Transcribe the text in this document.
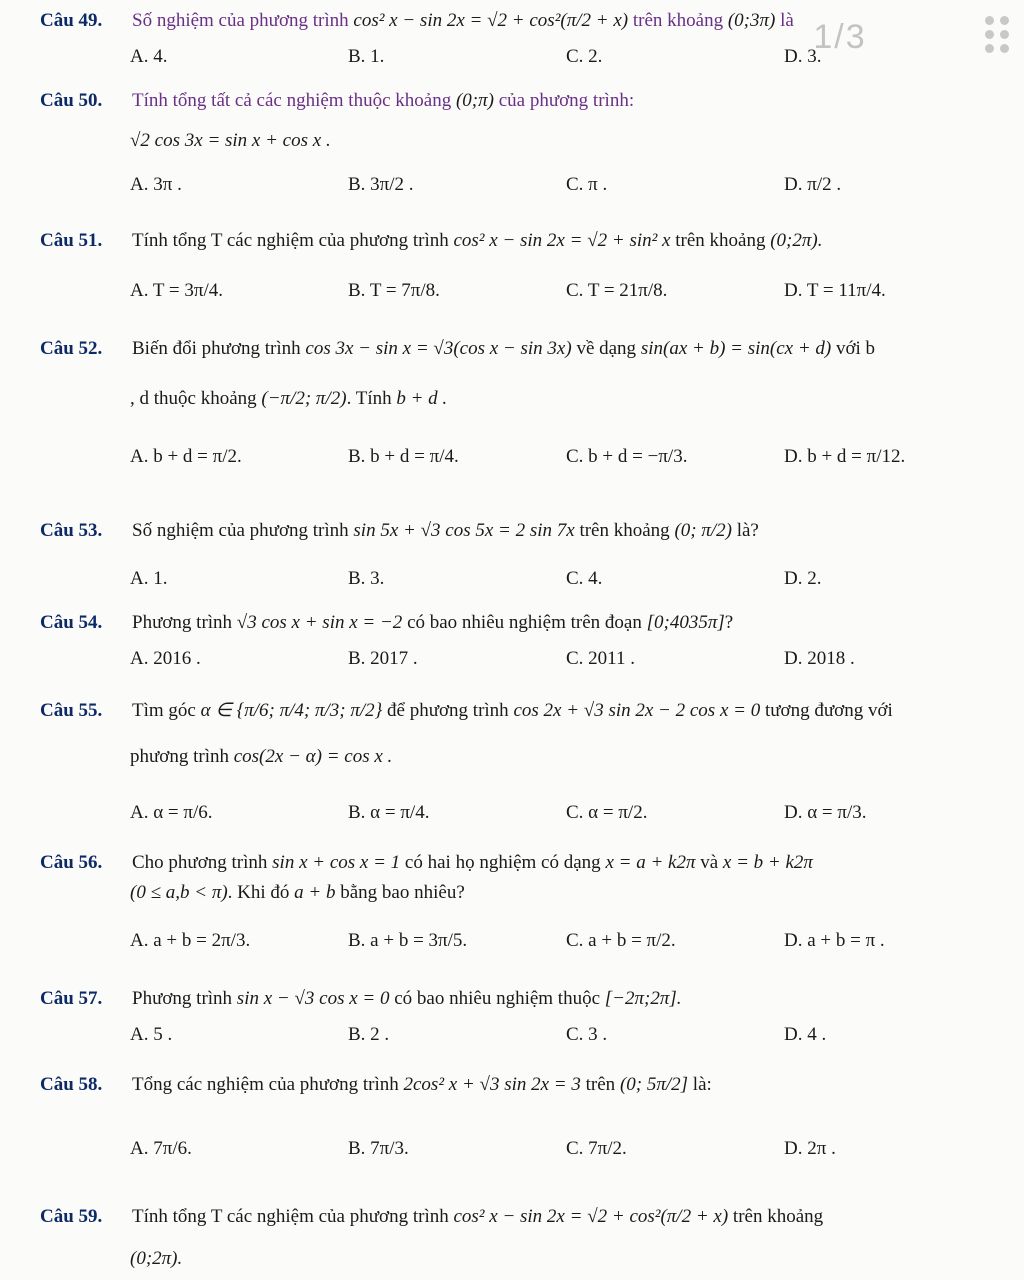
1/3
Câu 49.	Số nghiệm của phương trình cos² x − sin 2x = √2 + cos²(π/2 + x) trên khoảng (0;3π) là
A. 4.	B. 1.	C. 2.	D. 3.
Câu 50.	Tính tổng tất cả các nghiệm thuộc khoảng (0;π) của phương trình:
√2 cos 3x = sin x + cos x .
A. 3π .	B. 3π/2 .	C. π .	D. π/2 .
Câu 51.	Tính tổng T các nghiệm của phương trình cos² x − sin 2x = √2 + sin² x trên khoảng (0;2π).
A. T = 3π/4.	B. T = 7π/8.	C. T = 21π/8.	D. T = 11π/4.
Câu 52.	Biến đổi phương trình cos 3x − sin x = √3(cos x − sin 3x) về dạng sin(ax + b) = sin(cx + d) với b
, d thuộc khoảng (−π/2; π/2). Tính b + d .
A. b + d = π/2.	B. b + d = π/4.	C. b + d = −π/3.	D. b + d = π/12.
Câu 53.	Số nghiệm của phương trình sin 5x + √3 cos 5x = 2 sin 7x trên khoảng (0; π/2) là?
A. 1.	B. 3.	C. 4.	D. 2.
Câu 54.	Phương trình √3 cos x + sin x = −2 có bao nhiêu nghiệm trên đoạn [0;4035π]?
A. 2016 .	B. 2017 .	C. 2011 .	D. 2018 .
Câu 55.	Tìm góc α ∈ {π/6; π/4; π/3; π/2} để phương trình cos 2x + √3 sin 2x − 2 cos x = 0 tương đương với
phương trình cos(2x − α) = cos x .
A. α = π/6.	B. α = π/4.	C. α = π/2.	D. α = π/3.
Câu 56.	Cho phương trình sin x + cos x = 1 có hai họ nghiệm có dạng x = a + k2π và x = b + k2π
(0 ≤ a,b < π). Khi đó a + b bằng bao nhiêu?
A. a + b = 2π/3.	B. a + b = 3π/5.	C. a + b = π/2.	D. a + b = π .
Câu 57.	Phương trình sin x − √3 cos x = 0 có bao nhiêu nghiệm thuộc [−2π;2π].
A. 5 .	B. 2 .	C. 3 .	D. 4 .
Câu 58.	Tổng các nghiệm của phương trình 2cos² x + √3 sin 2x = 3 trên (0; 5π/2] là:
A. 7π/6.	B. 7π/3.	C. 7π/2.	D. 2π .
Câu 59.	Tính tổng T các nghiệm của phương trình cos² x − sin 2x = √2 + cos²(π/2 + x) trên khoảng
(0;2π).
